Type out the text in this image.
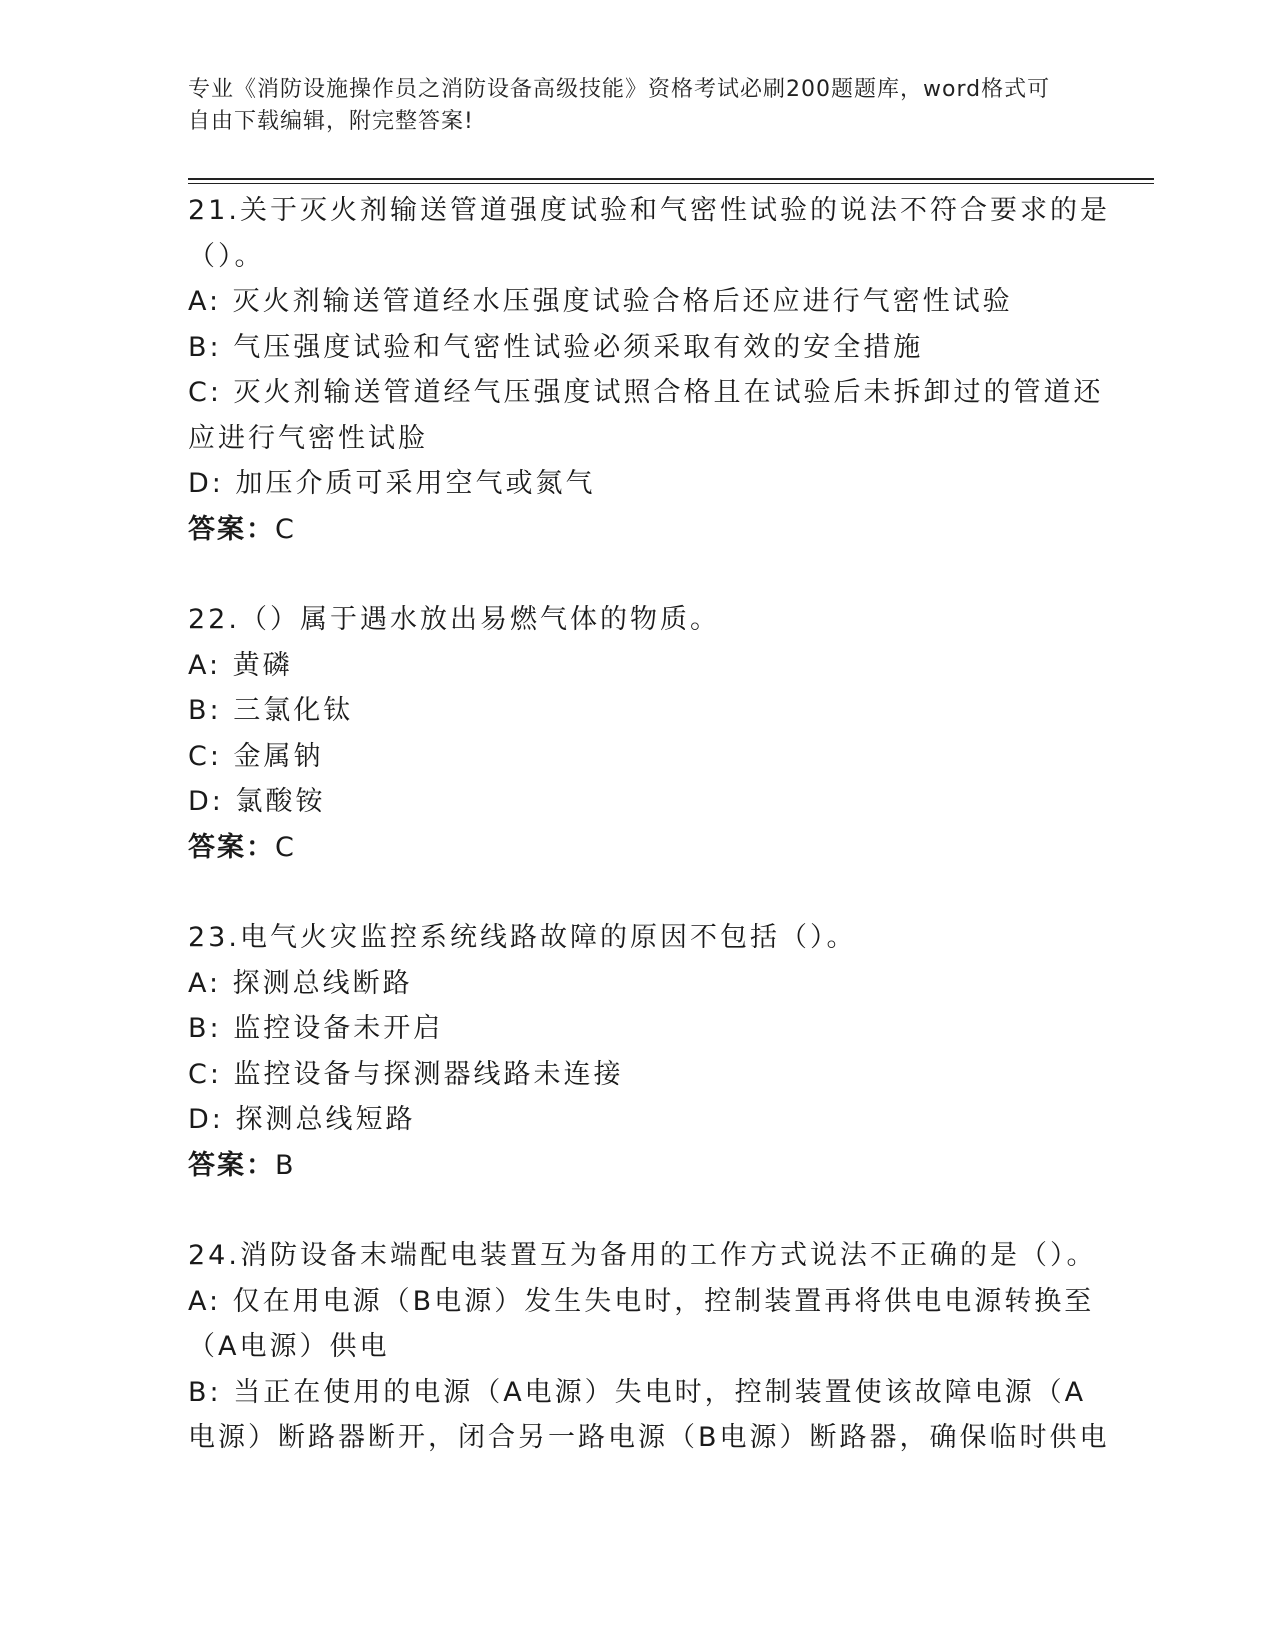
专业《消防设施操作员之消防设备高级技能》资格考试必刷200题题库，word格式可自由下载编辑，附完整答案!
21.关于灭火剂输送管道强度试验和气密性试验的说法不符合要求的是
（）。
A: 灭火剂输送管道经水压强度试验合格后还应进行气密性试验
B: 气压强度试验和气密性试验必须采取有效的安全措施
C: 灭火剂输送管道经气压强度试照合格且在试验后未拆卸过的管道还
应进行气密性试脸
D: 加压介质可采用空气或氮气
答案：C
22.（）属于遇水放出易燃气体的物质。
A: 黄磷
B: 三氯化钛
C: 金属钠
D: 氯酸铵
答案：C
23.电气火灾监控系统线路故障的原因不包括（）。
A: 探测总线断路
B: 监控设备未开启
C: 监控设备与探测器线路未连接
D: 探测总线短路
答案：B
24.消防设备末端配电装置互为备用的工作方式说法不正确的是（）。
A: 仅在用电源（B电源）发生失电时，控制装置再将供电电源转换至
（A电源）供电
B: 当正在使用的电源（A电源）失电时，控制装置使该故障电源（A
电源）断路器断开，闭合另一路电源（B电源）断路器，确保临时供电
